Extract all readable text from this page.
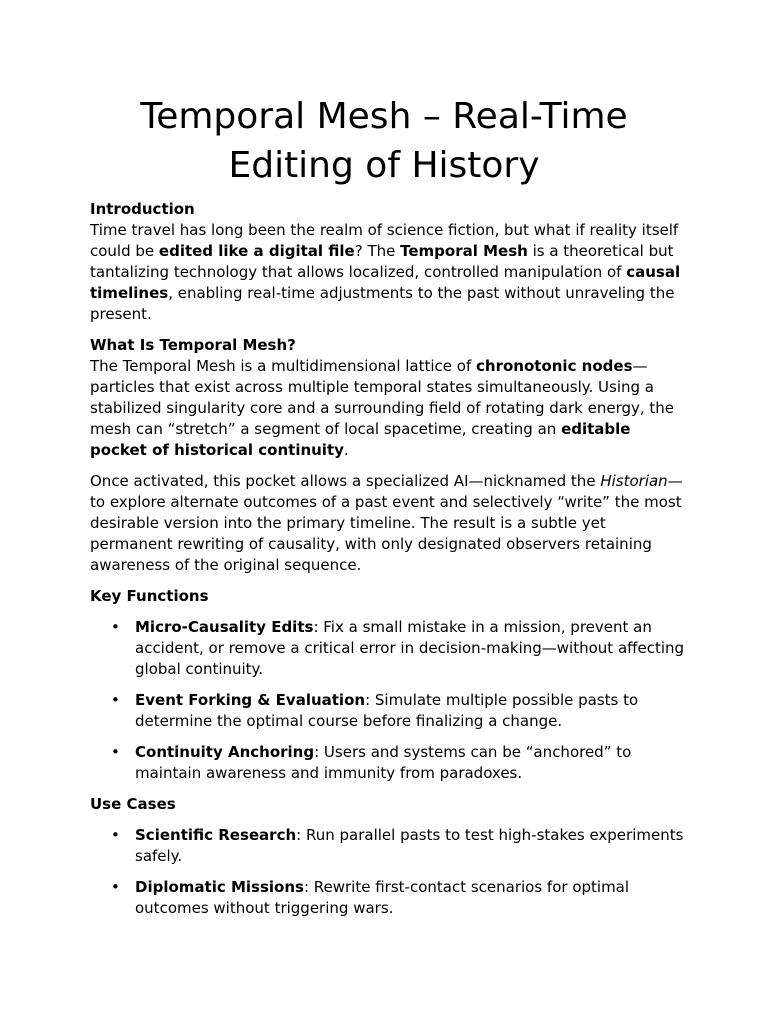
Temporal Mesh – Real-Time Editing of History

Introduction
Time travel has long been the realm of science fiction, but what if reality itself could be edited like a digital file? The Temporal Mesh is a theoretical but tantalizing technology that allows localized, controlled manipulation of causal timelines, enabling real-time adjustments to the past without unraveling the present.

What Is Temporal Mesh?
The Temporal Mesh is a multidimensional lattice of chronotonic nodes—particles that exist across multiple temporal states simultaneously. Using a stabilized singularity core and a surrounding field of rotating dark energy, the mesh can “stretch” a segment of local spacetime, creating an editable pocket of historical continuity.

Once activated, this pocket allows a specialized AI—nicknamed the Historian—to explore alternate outcomes of a past event and selectively “write” the most desirable version into the primary timeline. The result is a subtle yet permanent rewriting of causality, with only designated observers retaining awareness of the original sequence.

Key Functions

• Micro-Causality Edits: Fix a small mistake in a mission, prevent an accident, or remove a critical error in decision-making—without affecting global continuity.
• Event Forking & Evaluation: Simulate multiple possible pasts to determine the optimal course before finalizing a change.
• Continuity Anchoring: Users and systems can be “anchored” to maintain awareness and immunity from paradoxes.

Use Cases

• Scientific Research: Run parallel pasts to test high-stakes experiments safely.
• Diplomatic Missions: Rewrite first-contact scenarios for optimal outcomes without triggering wars.
